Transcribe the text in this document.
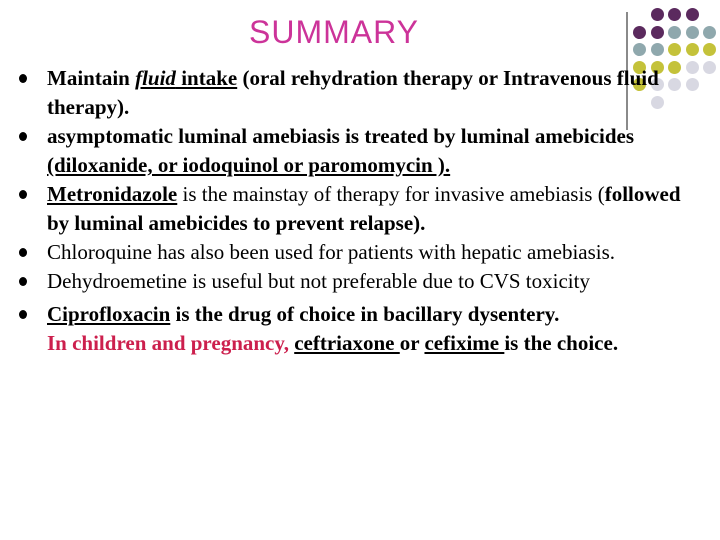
SUMMARY
Maintain fluid intake (oral rehydration therapy or Intravenous fluid therapy).
asymptomatic luminal amebiasis is treated by luminal amebicides (diloxanide, or iodoquinol or paromomycin ).
Metronidazole is the mainstay of therapy for invasive amebiasis (followed by luminal amebicides to prevent relapse).
Chloroquine has also been used for patients with hepatic amebiasis.
Dehydroemetine is useful but not preferable due to CVS toxicity
Ciprofloxacin is the drug of choice in bacillary dysentery.
In children and pregnancy, ceftriaxone or cefixime is the choice.
